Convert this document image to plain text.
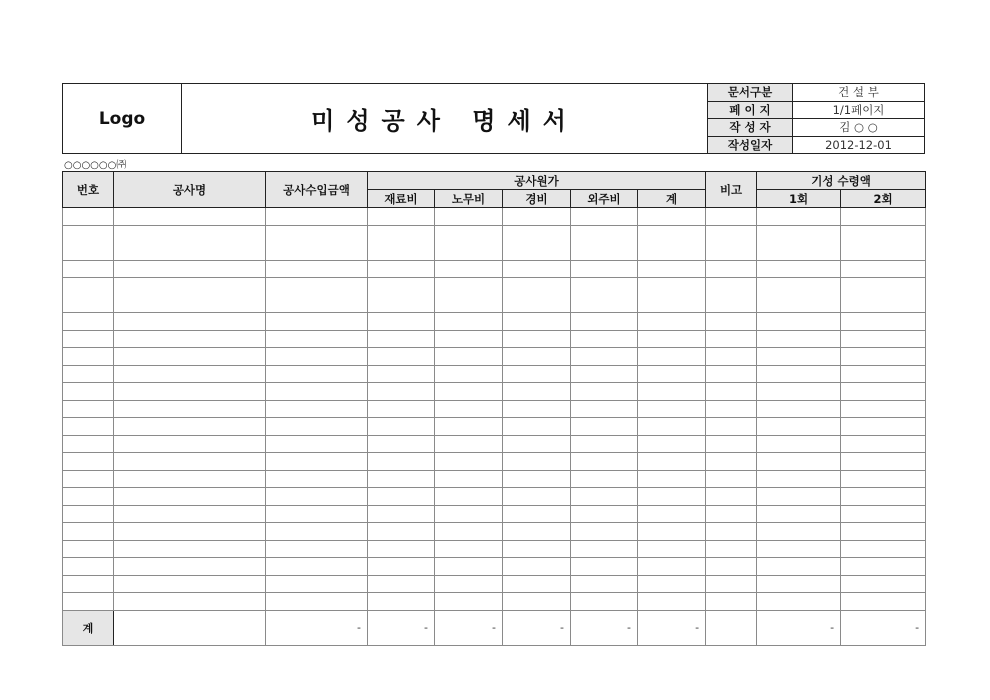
Logo	미성공사 명세서
문서구분	건 설 부
페 이 지	1/1페이지
작 성 자	김 ○ ○
작성일자	2012-12-01
○○○○○○㈜
번호	공사명	공사수입금액	공사원가					비고	기성 수령액	
			재료비	노무비	경비	외주비	계		1회	2회

계		-	-	-	-	-	-		-	-
